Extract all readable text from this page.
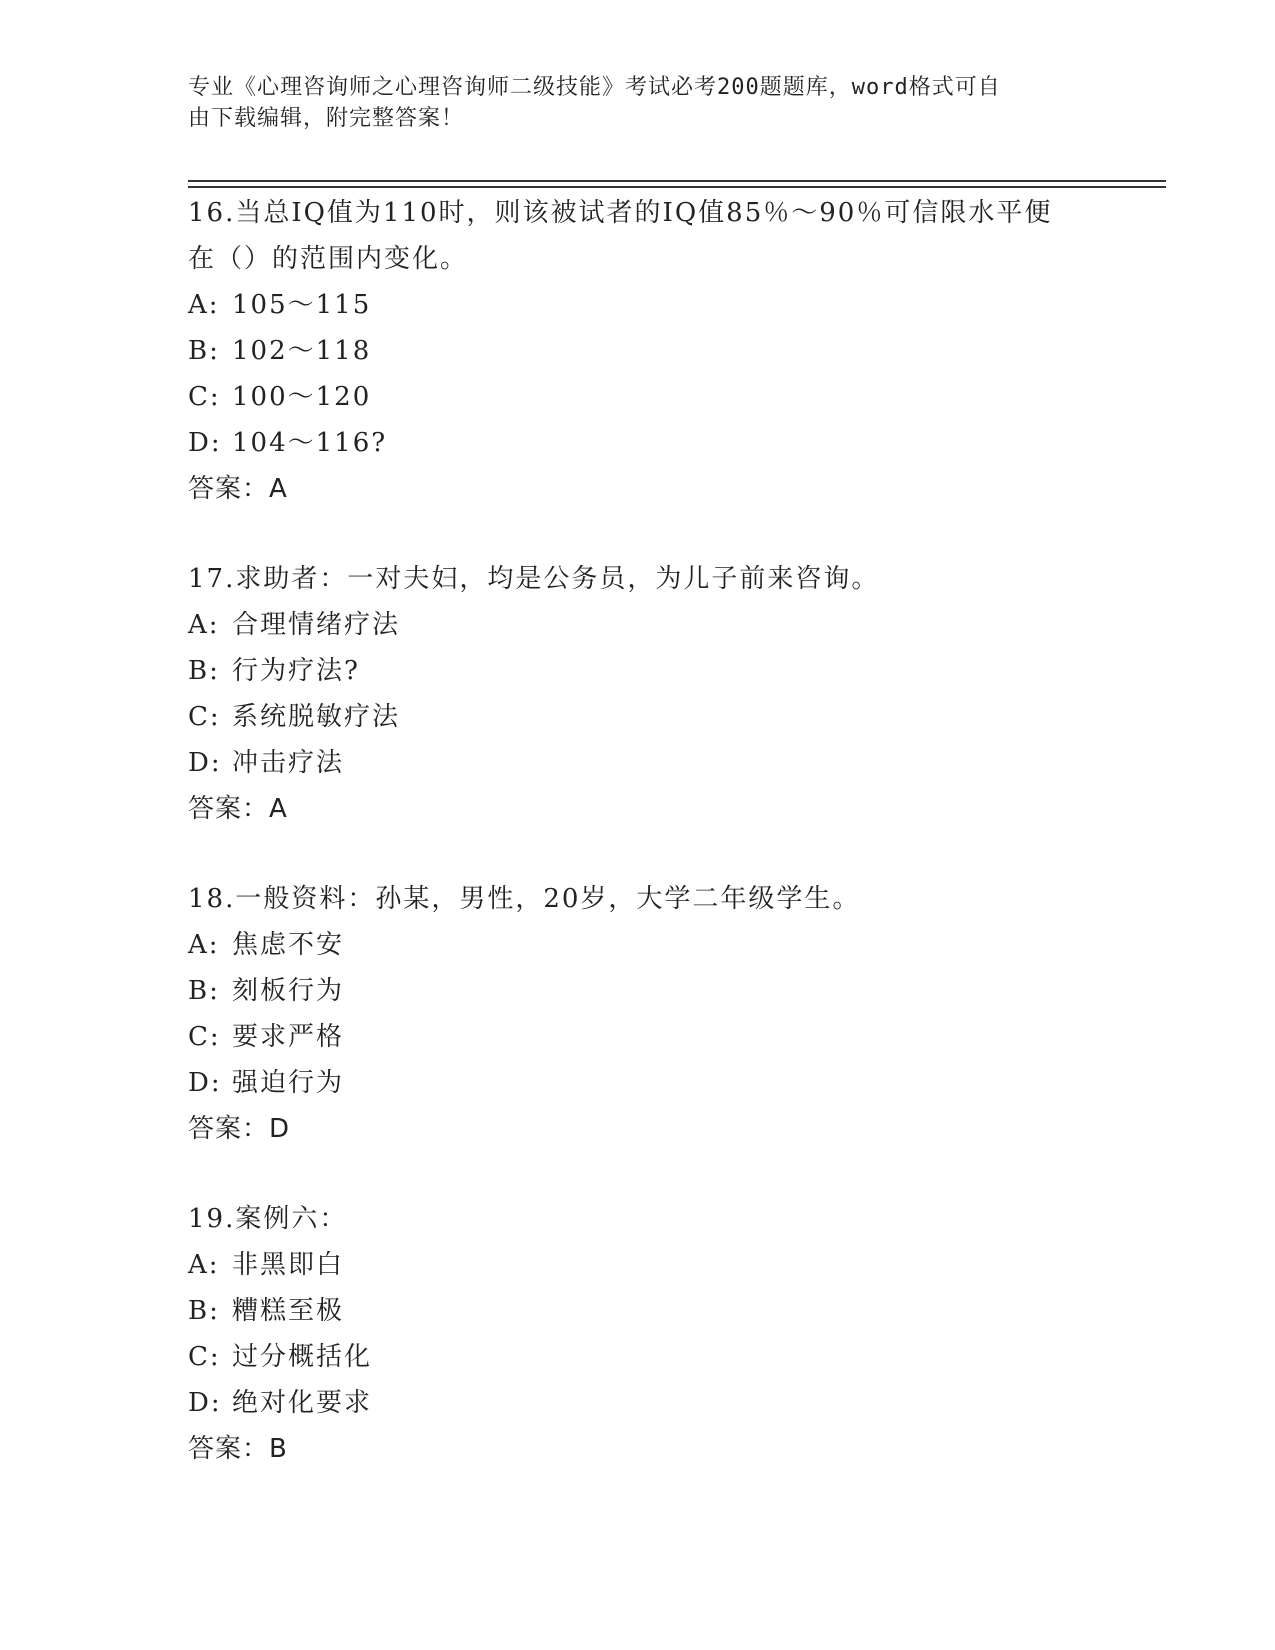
专业《心理咨询师之心理咨询师二级技能》考试必考200题题库，word格式可自
由下载编辑，附完整答案！
16.当总IQ值为110时，则该被试者的IQ值85％～90％可信限水平便
在（）的范围内变化。
A: 105～115
B: 102～118
C: 100～120
D: 104～116?
答案：A
17.求助者：一对夫妇，均是公务员，为儿子前来咨询。
A: 合理情绪疗法
B: 行为疗法?
C: 系统脱敏疗法
D: 冲击疗法
答案：A
18.一般资料：孙某，男性，20岁，大学二年级学生。
A: 焦虑不安
B: 刻板行为
C: 要求严格
D: 强迫行为
答案：D
19.案例六：
A: 非黑即白
B: 糟糕至极
C: 过分概括化
D: 绝对化要求
答案：B
